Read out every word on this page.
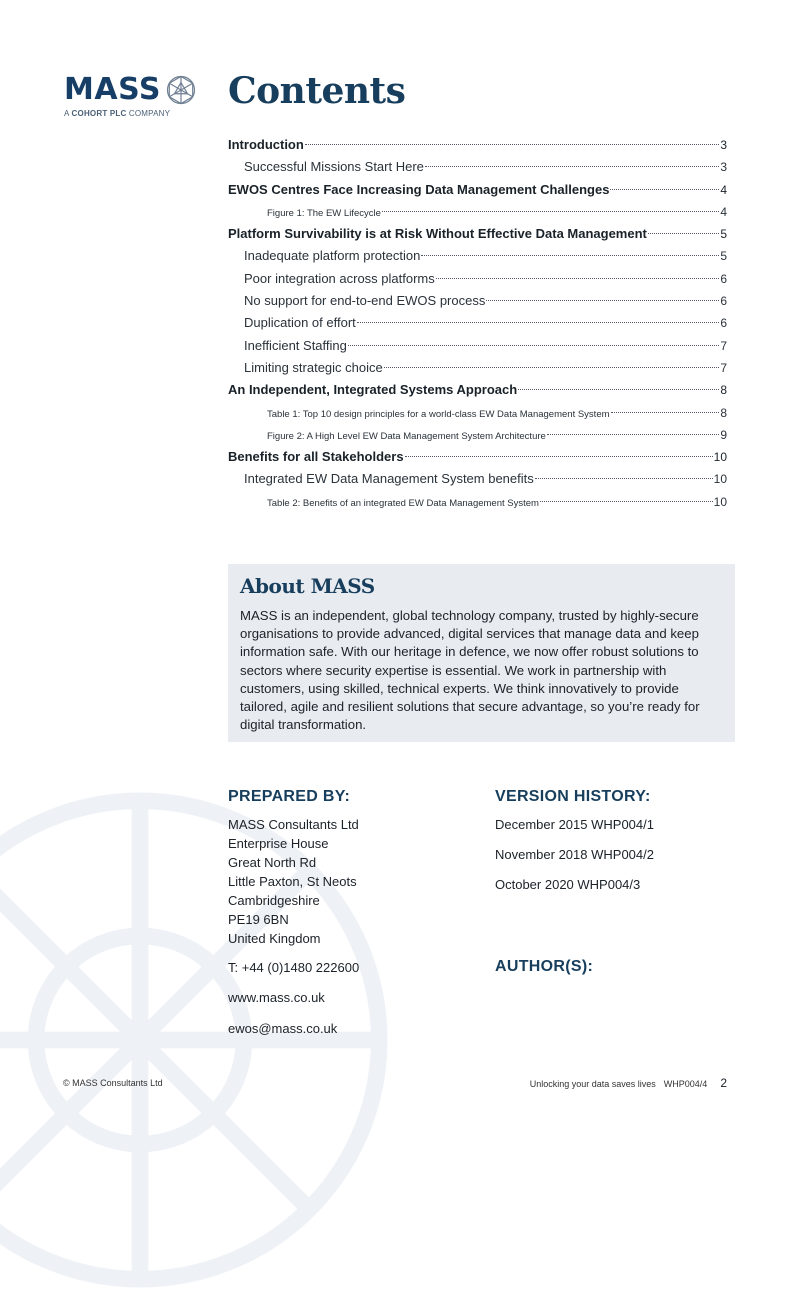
MASS
A COHORT PLC COMPANY
Contents
Introduction	3
Successful Missions Start Here	3
EWOS Centres Face Increasing Data Management Challenges	4
Figure 1: The EW Lifecycle	4
Platform Survivability is at Risk Without Effective Data Management	5
Inadequate platform protection	5
Poor integration across platforms	6
No support for end-to-end EWOS process	6
Duplication of effort	6
Inefficient Staffing	7
Limiting strategic choice	7
An Independent, Integrated Systems Approach	8
Table 1: Top 10 design principles for a world-class EW Data Management System	8
Figure 2: A High Level EW Data Management System Architecture	9
Benefits for all Stakeholders	10
Integrated EW Data Management System benefits	10
Table 2: Benefits of an integrated EW Data Management System	10
About MASS

MASS is an independent, global technology company, trusted by highly-secure organisations to provide advanced, digital services that manage data and keep information safe. With our heritage in defence, we now offer robust solutions to sectors where security expertise is essential. We work in partnership with customers, using skilled, technical experts. We think innovatively to provide tailored, agile and resilient solutions that secure advantage, so you’re ready for digital transformation.

PREPARED BY:	VERSION HISTORY:
MASS Consultants Ltd
Enterprise House
Great North Rd
Little Paxton, St Neots
Cambridgeshire
PE19 6BN
United Kingdom
T: +44 (0)1480 222600
www.mass.co.uk
ewos@mass.co.uk
December 2015 WHP004/1
November 2018 WHP004/2
October 2020 WHP004/3
AUTHOR(S):
© MASS Consultants Ltd	Unlocking your data saves lives WHP004/4 2
